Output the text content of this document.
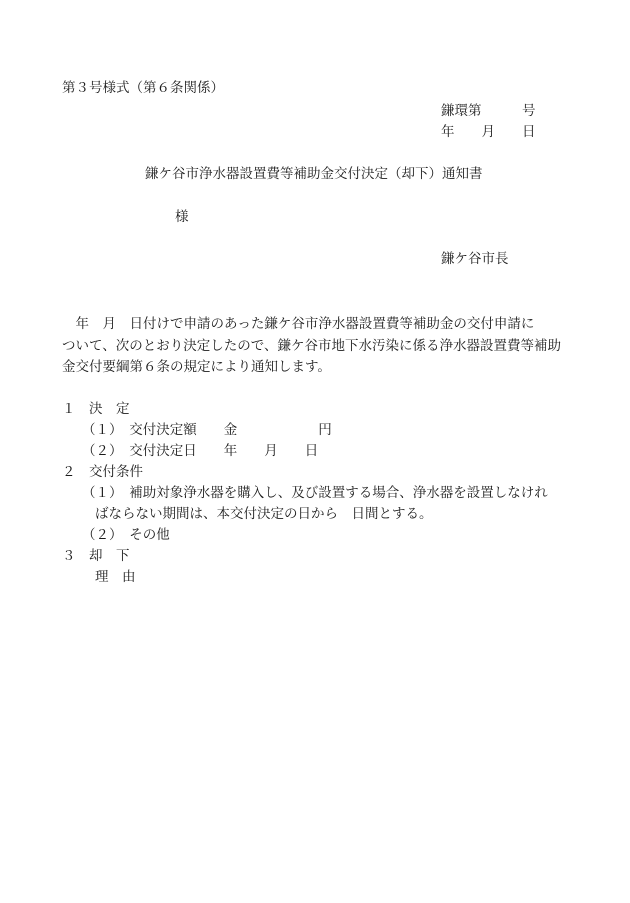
第３号様式（第６条関係）
鎌環第　　　号
年　　月　　日
鎌ケ谷市浄水器設置費等補助金交付決定（却下）通知書
様
鎌ケ谷市長
　年　月　日付けで申請のあった鎌ケ谷市浄水器設置費等補助金の交付申請に
ついて、次のとおり決定したので、鎌ケ谷市地下水汚染に係る浄水器設置費等補助
金交付要綱第６条の規定により通知します。
１　決　定
（１）　交付決定額　　金　　　　　　円
（２）　交付決定日　　年　　月　　日
２　交付条件
（１）　補助対象浄水器を購入し、及び設置する場合、浄水器を設置しなけれ
ばならない期間は、本交付決定の日から　日間とする。
（２）　その他
３　却　下
理　由
